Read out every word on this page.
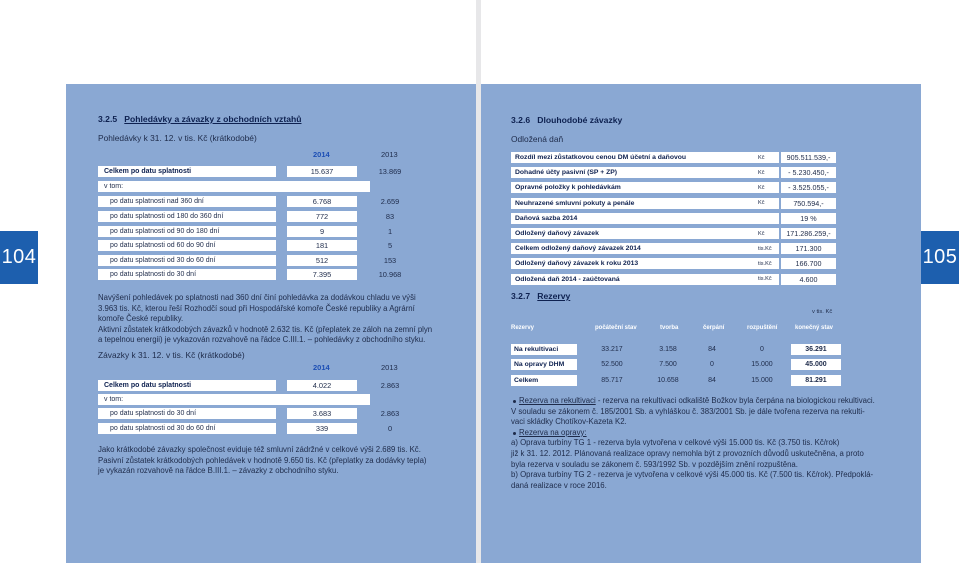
104	105
3.2.5 Pohledávky a závazky z obchodních vztahů
Pohledávky k 31. 12. v tis. Kč (krátkodobé)
2014	2013
Závazky k 31. 12. v tis. Kč (krátkodobé)
2014	2013
3.2.6 Dlouhodobé závazky
Odložená daň
3.2.7 Rezervy
v tis. Kč
Celkem po datu splatnosti	15.637	13.869
v tom:
po datu splatnosti nad 360 dní	6.768	2.659
po datu splatnosti od 180 do 360 dní	772	83
po datu splatnosti od 90 do 180 dní	9	1
po datu splatnosti od 60 do 90 dní	181	5
po datu splatnosti od 30 do 60 dní	512	153
po datu splatnosti do 30 dní	7.395	10.968
Navýšení pohledávek po splatnosti nad 360 dní činí pohledávka za dodávkou chladu ve výši
3.963 tis. Kč, kterou řeší Rozhodčí soud při Hospodářské komoře České republiky a Agrární
komoře České republiky.
Aktivní zůstatek krátkodobých závazků v hodnotě 2.632 tis. Kč (přeplatek ze záloh na zemní plyn
a tepelnou energii) je vykazován rozvahově na řádce C.III.1. – pohledávky z obchodního styku.
Celkem po datu splatnosti	4.022	2.863
v tom:
po datu splatnosti do 30 dní	3.683	2.863
po datu splatnosti od 30 do 60 dní	339	0
Jako krátkodobé závazky společnost eviduje též smluvní zádržné v celkové výši 2.689 tis. Kč.
Pasivní zůstatek krátkodobých pohledávek v hodnotě 9.650 tis. Kč (přeplatky za dodávky tepla)
je vykazán rozvahově na řádce B.III.1. – závazky z obchodního styku.
Rozdíl mezi zůstatkovou cenou DM účetní a daňovou	Kč	905.511.539,-
Dohadné účty pasivní (SP + ZP)	Kč	- 5.230.450,-
Opravné položky k pohledávkám	Kč	- 3.525.055,-
Neuhrazené smluvní pokuty a penále	Kč	750.594,-
Daňová sazba 2014	19 %
Odložený daňový závazek	Kč	171.286.259,-
Celkem odložený daňový závazek 2014	tis.Kč	171.300
Odložený daňový závazek k roku 2013	tis.Kč	166.700
Odložená daň 2014 - zaúčtovaná	tis.Kč	4.600
Rezervy	počáteční stav	tvorba	čerpání	rozpuštění	konečný stav
Na rekultivaci	33.217	3.158	84	0	36.291
Na opravy DHM	52.500	7.500	0	15.000	45.000
Celkem	85.717	10.658	84	15.000	81.291
Rezerva na rekultivaci - rezerva na rekultivaci odkaliště Božkov byla čerpána na biologickou rekultivaci.
V souladu se zákonem č. 185/2001 Sb. a vyhláškou č. 383/2001 Sb. je dále tvořena rezerva na rekulti-
vaci skládky Chotíkov-Kazeta K2.
Rezerva na opravy:
a) Oprava turbíny TG 1 - rezerva byla vytvořena v celkové výši 15.000 tis. Kč (3.750 tis. Kč/rok)
již k 31. 12. 2012. Plánovaná realizace opravy nemohla být z provozních důvodů uskutečněna, a proto
byla rezerva v souladu se zákonem č. 593/1992 Sb. v pozdějším znění rozpuštěna.
b) Oprava turbíny TG 2 - rezerva je vytvořena v celkové výši 45.000 tis. Kč (7.500 tis. Kč/rok). Předpoklá-
daná realizace v roce 2016.
